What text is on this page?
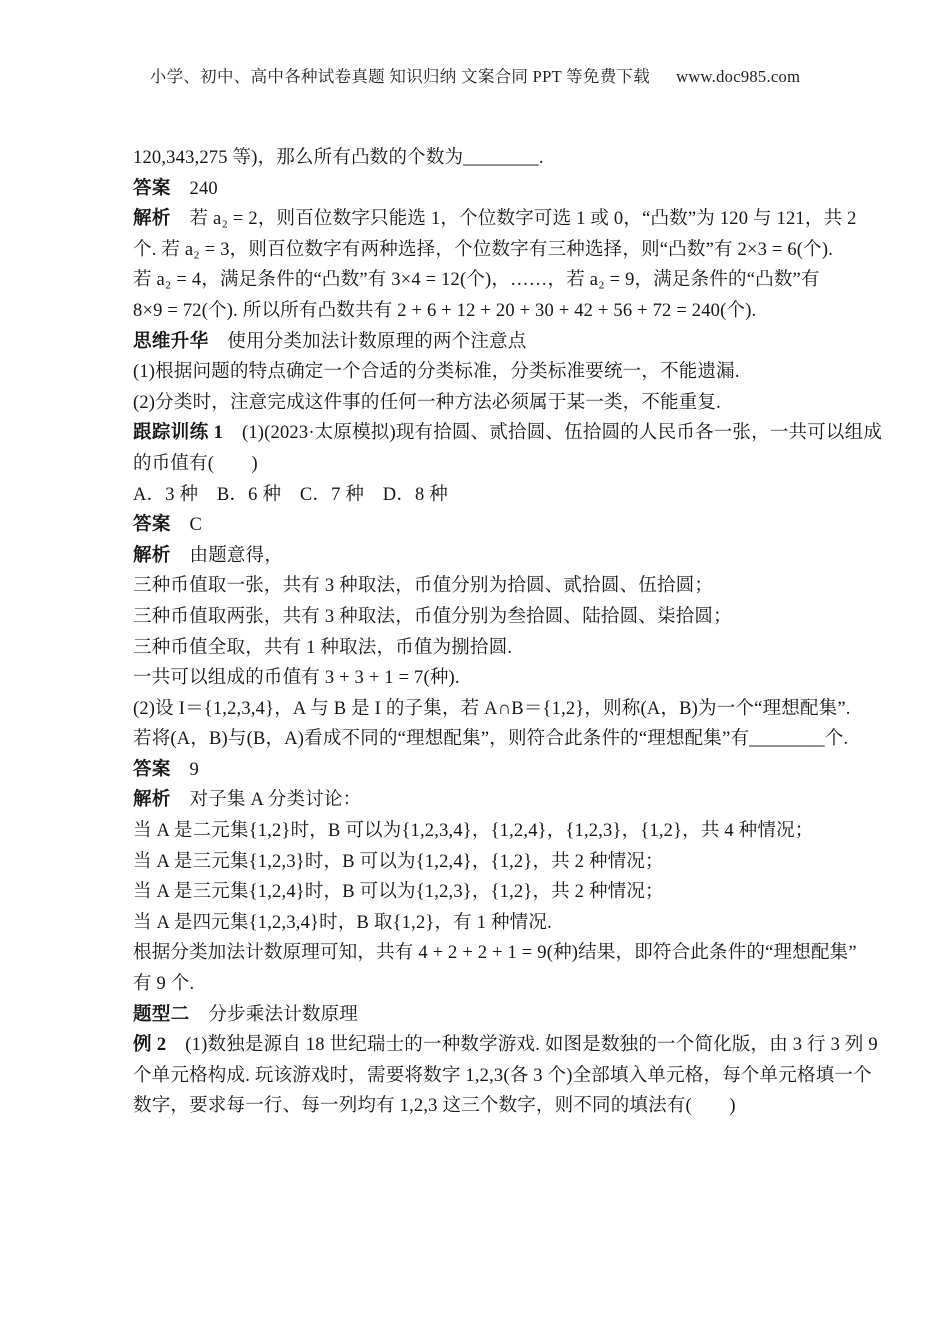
小学、初中、高中各种试卷真题 知识归纳 文案合同 PPT 等免费下载 www.doc985.com
120,343,275 等)，那么所有凸数的个数为________.
答案　240
解析　若 a₂ = 2，则百位数字只能选 1，个位数字可选 1 或 0，“凸数”为 120 与 121，共 2
个. 若 a₂ = 3，则百位数字有两种选择，个位数字有三种选择，则“凸数”有 2×3 = 6(个).
若 a₂ = 4，满足条件的“凸数”有 3×4 = 12(个)，……，若 a₂ = 9，满足条件的“凸数”有
8×9 = 72(个). 所以所有凸数共有 2 + 6 + 12 + 20 + 30 + 42 + 56 + 72 = 240(个).
思维升华　使用分类加法计数原理的两个注意点
(1)根据问题的特点确定一个合适的分类标准，分类标准要统一，不能遗漏.
(2)分类时，注意完成这件事的任何一种方法必须属于某一类，不能重复.
跟踪训练 1　(1)(2023·太原模拟)现有拾圆、贰拾圆、伍拾圆的人民币各一张，一共可以组成
的币值有(　　)
A．3 种　B．6 种　C．7 种　D．8 种
答案　C
解析　由题意得，
三种币值取一张，共有 3 种取法，币值分别为拾圆、贰拾圆、伍拾圆；
三种币值取两张，共有 3 种取法，币值分别为叁拾圆、陆拾圆、柒拾圆；
三种币值全取，共有 1 种取法，币值为捌拾圆.
一共可以组成的币值有 3 + 3 + 1 = 7(种).
(2)设 I＝{1,2,3,4}，A 与 B 是 I 的子集，若 A∩B＝{1,2}，则称(A，B)为一个“理想配集”.
若将(A，B)与(B，A)看成不同的“理想配集”，则符合此条件的“理想配集”有________个.
答案　9
解析　对子集 A 分类讨论：
当 A 是二元集{1,2}时，B 可以为{1,2,3,4}，{1,2,4}，{1,2,3}，{1,2}，共 4 种情况；
当 A 是三元集{1,2,3}时，B 可以为{1,2,4}，{1,2}，共 2 种情况；
当 A 是三元集{1,2,4}时，B 可以为{1,2,3}，{1,2}，共 2 种情况；
当 A 是四元集{1,2,3,4}时，B 取{1,2}，有 1 种情况.
根据分类加法计数原理可知，共有 4 + 2 + 2 + 1 = 9(种)结果，即符合此条件的“理想配集”
有 9 个.
题型二　分步乘法计数原理
例 2　(1)数独是源自 18 世纪瑞士的一种数学游戏. 如图是数独的一个简化版，由 3 行 3 列 9
个单元格构成. 玩该游戏时，需要将数字 1,2,3(各 3 个)全部填入单元格，每个单元格填一个
数字，要求每一行、每一列均有 1,2,3 这三个数字，则不同的填法有(　　)
